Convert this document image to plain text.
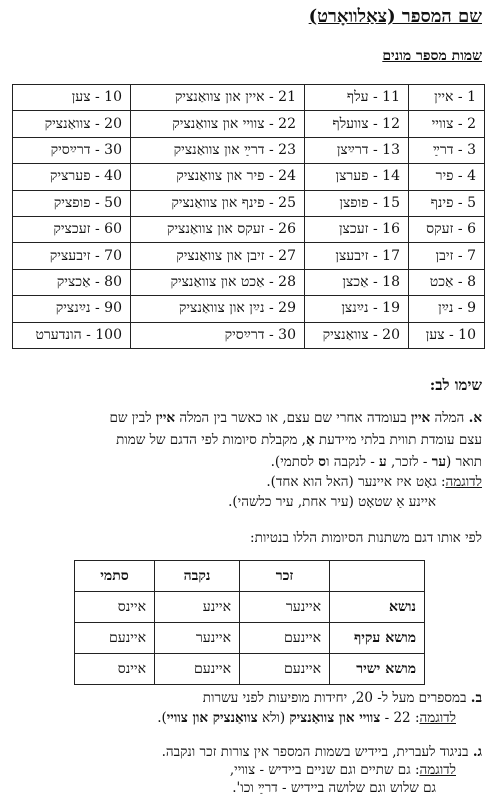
שם המספר (צאַלוואָרט)
שמות מספר מונים
10 - צען	21 - איין און צוואַנציק	11 - עלף	1 - איין
20 - צוואַנציק	22 - צוויי און צוואַנציק	12 - צוועלף	2 - צוויי
30 - דרײַסיק	23 - דרײַ און צוואַנציק	13 - דרײַצן	3 - דרײַ
40 - פערציק	24 - פיר און צוואַנציק	14 - פערצן	4 - פיר
50 - פופציק	25 - פינף און צוואַנציק	15 - פופצן	5 - פינף
60 - זעכציק	26 - זעקס און צוואַנציק	16 - זעכצן	6 - זעקס
70 - זיבעציק	27 - זיבן און צוואַנציק	17 - זיבעצן	7 - זיבן
80 - אַכציק	28 - אַכט און צוואַנציק	18 - אַכצן	8 - אַכט
90 - נײַנציק	29 - נײַן און צוואַנציק	19 - נײַנצן	9 - נײַן
100 - הונדערט	30 - דרײַסיק	20 - צוואַנציק	10 - צען
שימו לב:
א. המלה איין בעומדה אחרי שם עצם, או כאשר בין המלה איין לבין שם
עצם עומדת תווית בלתי מיידעת אַ, מקבלת סיומות לפי הדגם של שמות
תואר (ער - לזכר, ע - לנקבה וס לסתמי).
לדוגמה: גאָט איז איינער (האל הוא אחד).
איינע אַ שטאָט (עיר אחת, עיר כלשהי).
לפי אותו דגם משתנות הסיומות הללו בנטיות:
סתמי	נקבה	זכר	
איינס	איינע	איינער	נושא
איינעם	איינער	איינעם	מושא עקיף
איינס	איינעם	איינעם	מושא ישיר
ב. במספרים מעל ל- 20, יחידות מופיעות לפני עשרות
לדוגמה: 22 - צוויי און צוואַנציק (ולא צוואַנציק און צוויי).
ג. בניגוד לעברית, ביידיש בשמות המספר אין צורות זכר ונקבה.
לדוגמה: גם שתיים וגם שניים ביידיש - צוויי,
גם שלוש וגם שלושה ביידיש - דרײַ וכו'.
